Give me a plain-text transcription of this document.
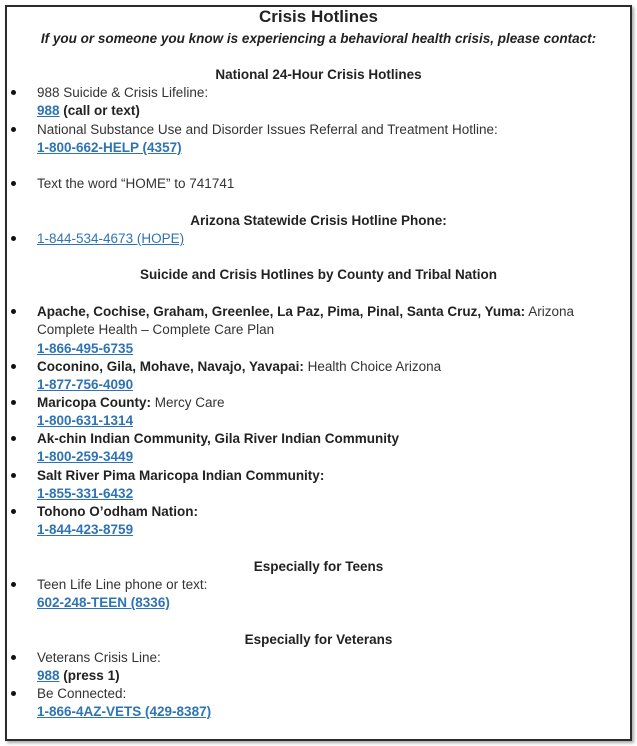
Crisis Hotlines
If you or someone you know is experiencing a behavioral health crisis, please contact:
National 24-Hour Crisis Hotlines
988 Suicide & Crisis Lifeline:
988 (call or text)
National Substance Use and Disorder Issues Referral and Treatment Hotline:
1-800-662-HELP (4357)
Text the word “HOME” to 741741
Arizona Statewide Crisis Hotline Phone:
1-844-534-4673 (HOPE)
Suicide and Crisis Hotlines by County and Tribal Nation
Apache, Cochise, Graham, Greenlee, La Paz, Pima, Pinal, Santa Cruz, Yuma: Arizona
Complete Health – Complete Care Plan
1-866-495-6735
Coconino, Gila, Mohave, Navajo, Yavapai: Health Choice Arizona
1-877-756-4090
Maricopa County: Mercy Care
1-800-631-1314
Ak-chin Indian Community, Gila River Indian Community
1-800-259-3449
Salt River Pima Maricopa Indian Community:
1-855-331-6432
Tohono O’odham Nation:
1-844-423-8759
Especially for Teens
Teen Life Line phone or text:
602-248-TEEN (8336)
Especially for Veterans
Veterans Crisis Line:
988 (press 1)
Be Connected:
1-866-4AZ-VETS (429-8387)
